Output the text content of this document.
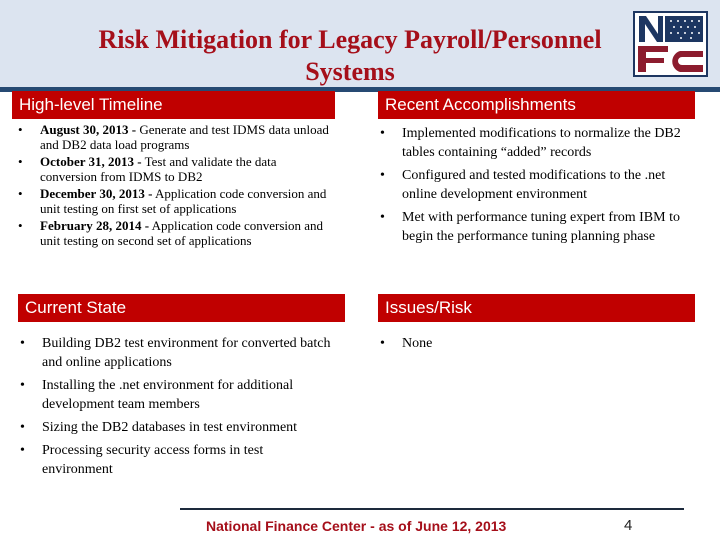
Risk Mitigation for Legacy Payroll/Personnel Systems
High-level Timeline
• August 30, 2013 - Generate and test IDMS data unload and DB2 data load programs
• October 31, 2013 - Test and validate the data conversion from IDMS to DB2
• December 30, 2013 - Application code conversion and unit testing on first set of applications
• February 28, 2014 - Application code conversion and unit testing on second set of applications
Recent Accomplishments
• Implemented modifications to normalize the DB2 tables containing “added” records
• Configured and tested modifications to the .net online development environment
• Met with performance tuning expert from IBM to begin the performance tuning planning phase
Current State
• Building DB2 test environment for converted batch and online applications
• Installing the .net environment for additional development team members
• Sizing the DB2 databases in test environment
• Processing security access forms in test environment
Issues/Risk
• None
National Finance Center - as of June 12, 2013	4
